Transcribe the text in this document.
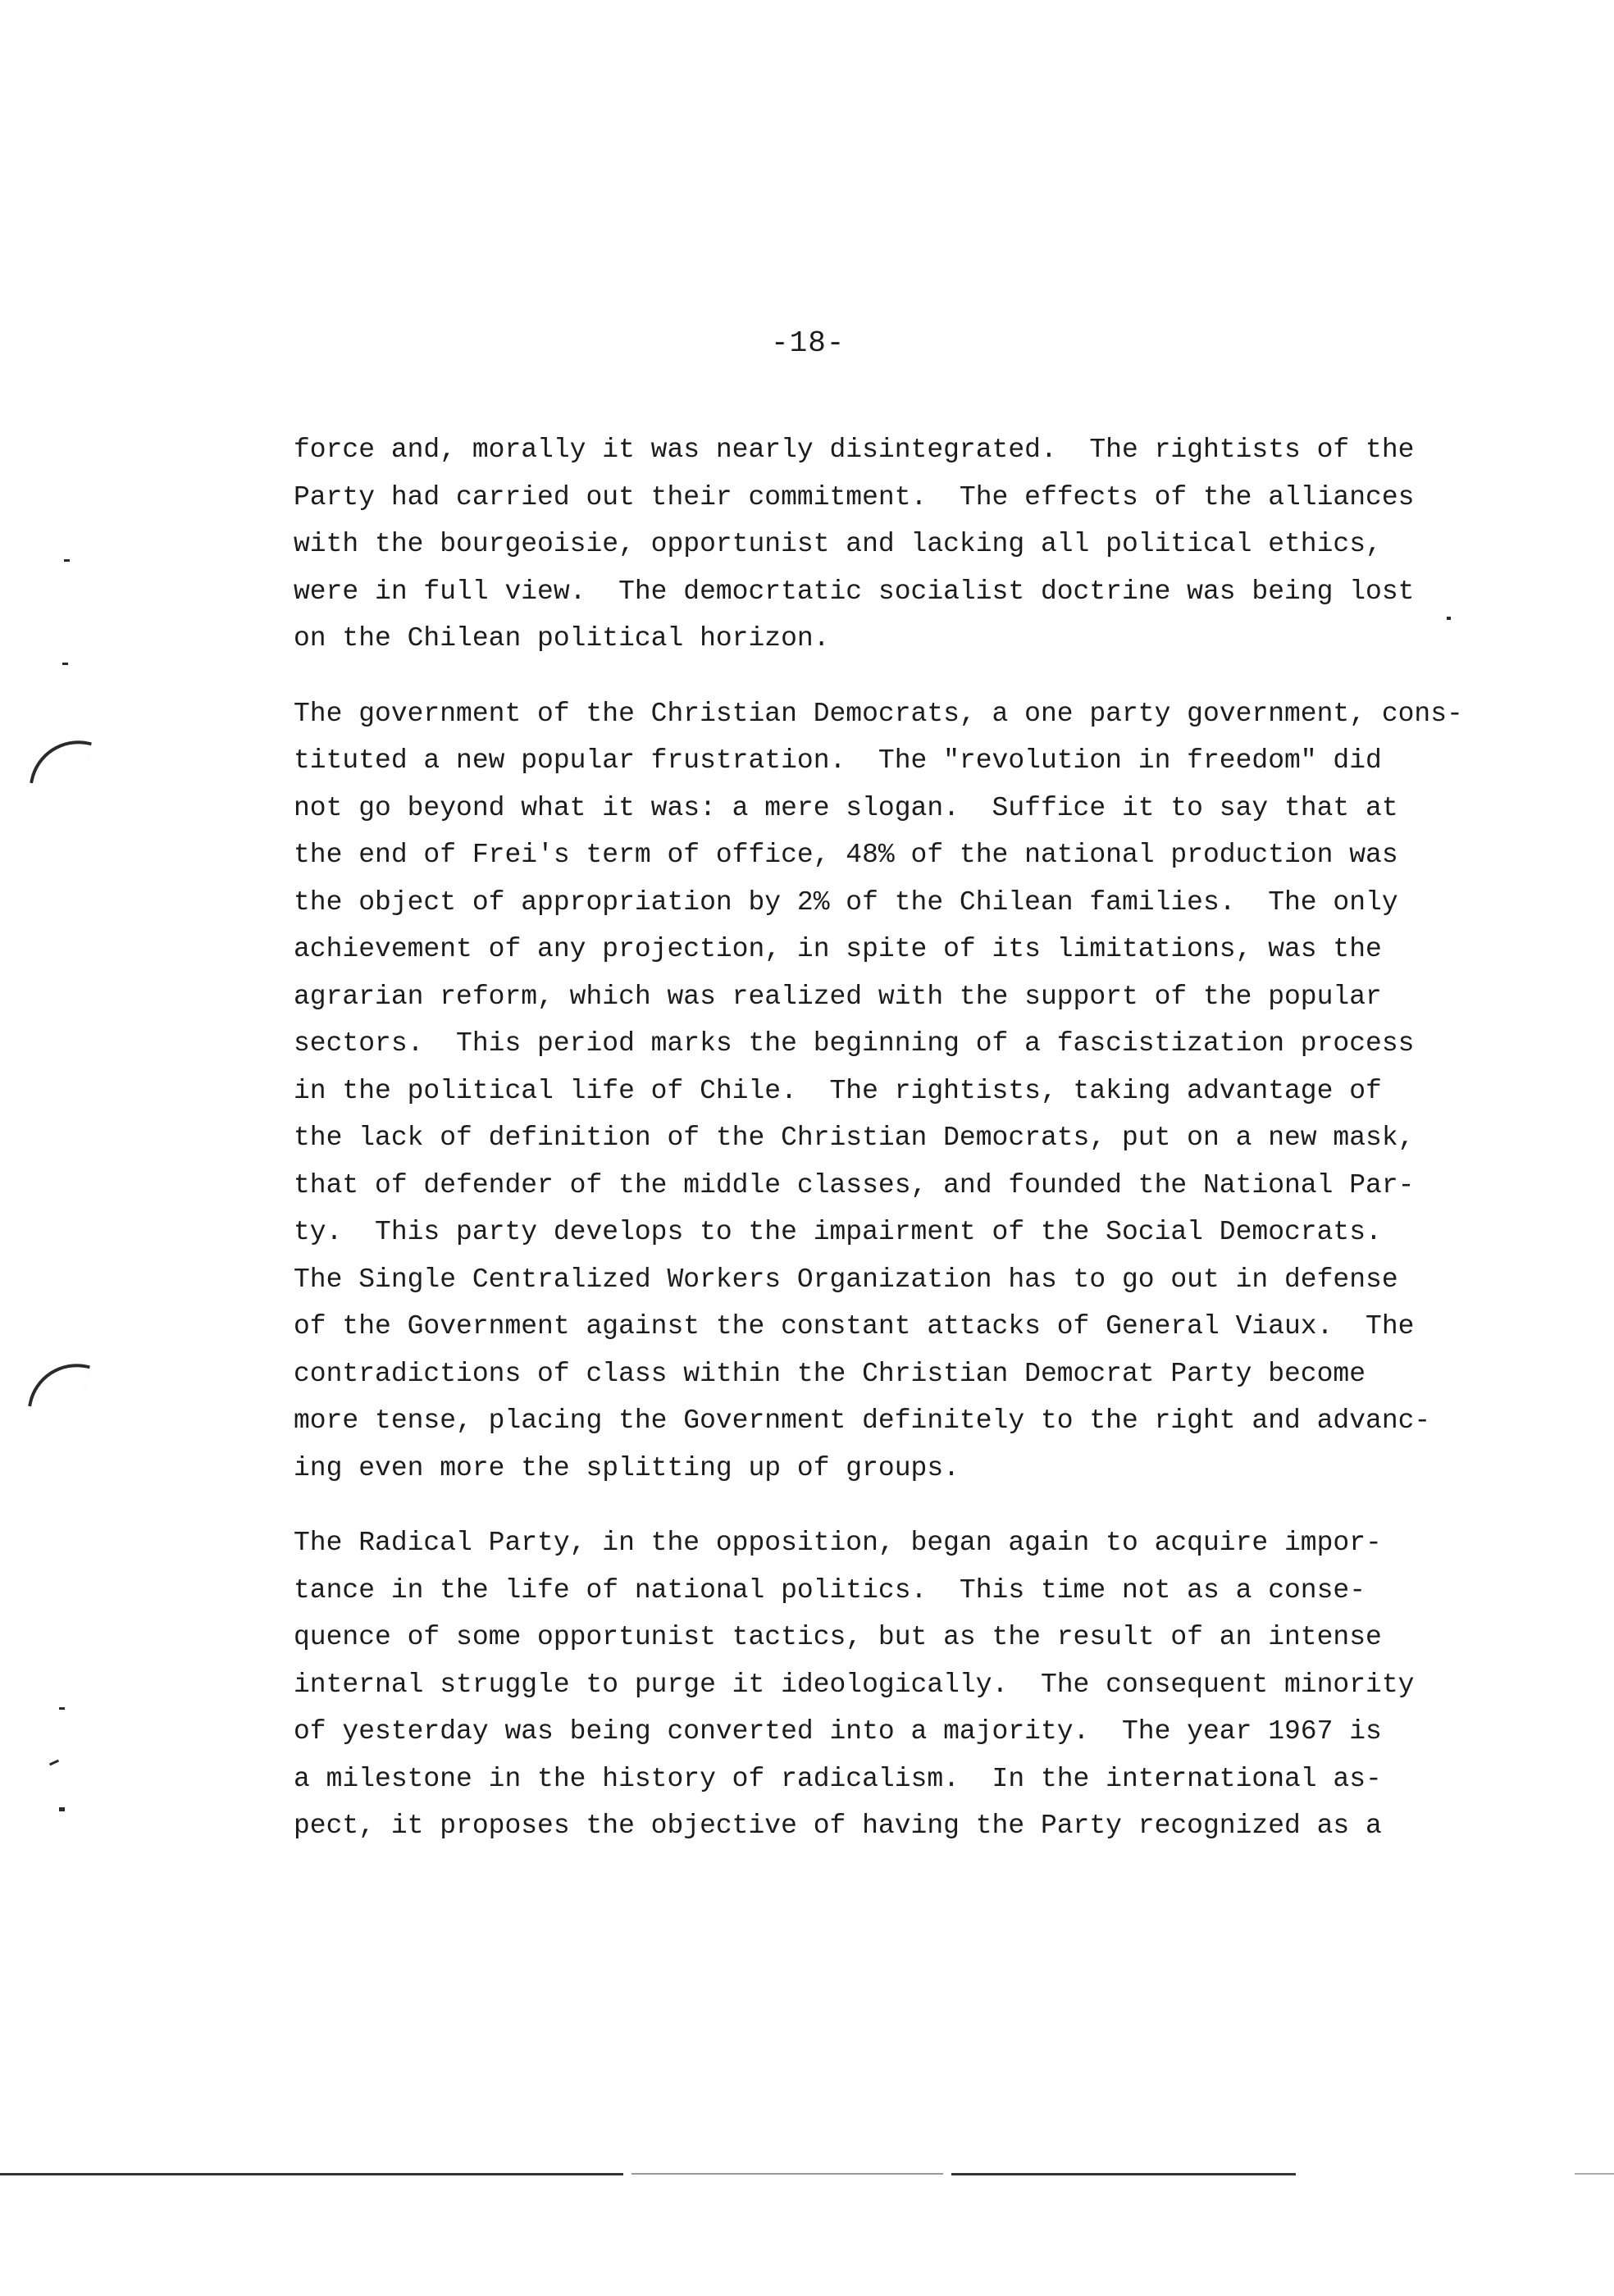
-18-

force and, morally it was nearly disintegrated.  The rightists of the
Party had carried out their commitment.  The effects of the alliances
with the bourgeoisie, opportunist and lacking all political ethics,
were in full view.  The democrtatic socialist doctrine was being lost
on the Chilean political horizon.

The government of the Christian Democrats, a one party government, cons-
tituted a new popular frustration.  The "revolution in freedom" did
not go beyond what it was: a mere slogan.  Suffice it to say that at
the end of Frei's term of office, 48% of the national production was
the object of appropriation by 2% of the Chilean families.  The only
achievement of any projection, in spite of its limitations, was the
agrarian reform, which was realized with the support of the popular
sectors.  This period marks the beginning of a fascistization process
in the political life of Chile.  The rightists, taking advantage of
the lack of definition of the Christian Democrats, put on a new mask,
that of defender of the middle classes, and founded the National Par-
ty.  This party develops to the impairment of the Social Democrats.
The Single Centralized Workers Organization has to go out in defense
of the Government against the constant attacks of General Viaux.  The
contradictions of class within the Christian Democrat Party become
more tense, placing the Government definitely to the right and advanc-
ing even more the splitting up of groups.

The Radical Party, in the opposition, began again to acquire impor-
tance in the life of national politics.  This time not as a conse-
quence of some opportunist tactics, but as the result of an intense
internal struggle to purge it ideologically.  The consequent minority
of yesterday was being converted into a majority.  The year 1967 is
a milestone in the history of radicalism.  In the international as-
pect, it proposes the objective of having the Party recognized as a
